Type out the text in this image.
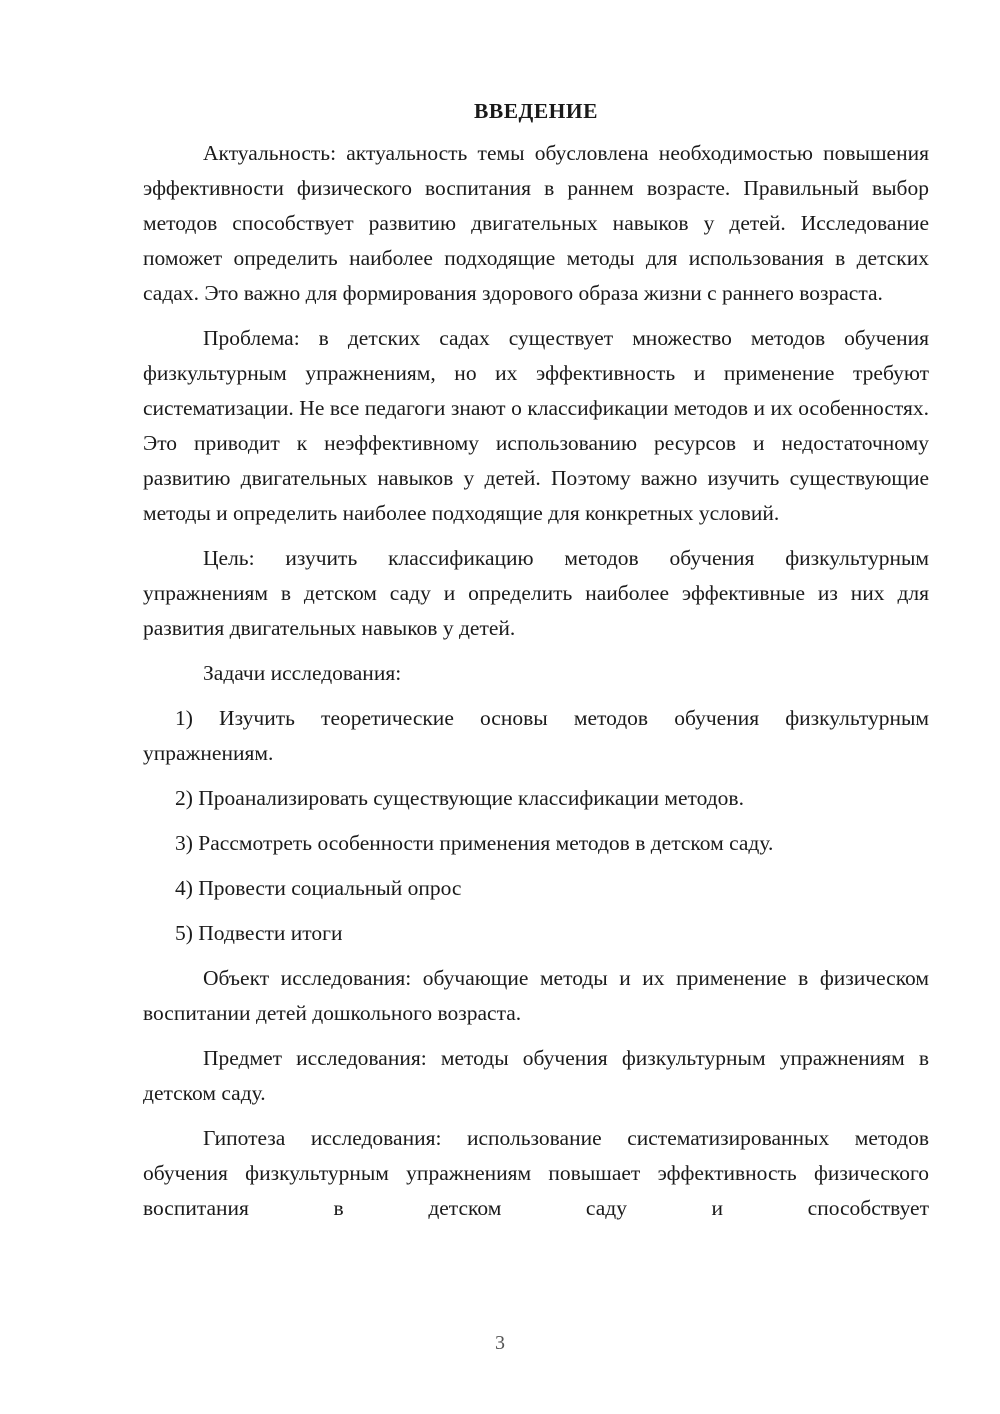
ВВЕДЕНИЕ

Актуальность: актуальность темы обусловлена необходимостью повышения эффективности физического воспитания в раннем возрасте. Правильный выбор методов способствует развитию двигательных навыков у детей. Исследование поможет определить наиболее подходящие методы для использования в детских садах. Это важно для формирования здорового образа жизни с раннего возраста.

Проблема: в детских садах существует множество методов обучения физкультурным упражнениям, но их эффективность и применение требуют систематизации. Не все педагоги знают о классификации методов и их особенностях. Это приводит к неэффективному использованию ресурсов и недостаточному развитию двигательных навыков у детей. Поэтому важно изучить существующие методы и определить наиболее подходящие для конкретных условий.

Цель: изучить классификацию методов обучения физкультурным упражнениям в детском саду и определить наиболее эффективные из них для развития двигательных навыков у детей.

Задачи исследования:

1) Изучить теоретические основы методов обучения физкультурным упражнениям.

2) Проанализировать существующие классификации методов.

3) Рассмотреть особенности применения методов в детском саду.

4) Провести социальный опрос

5) Подвести итоги

Объект исследования: обучающие методы и их применение в физическом воспитании детей дошкольного возраста.

Предмет исследования: методы обучения физкультурным упражнениям в детском саду.

Гипотеза исследования: использование систематизированных методов обучения физкультурным упражнениям повышает эффективность физического воспитания в детском саду и способствует

3
